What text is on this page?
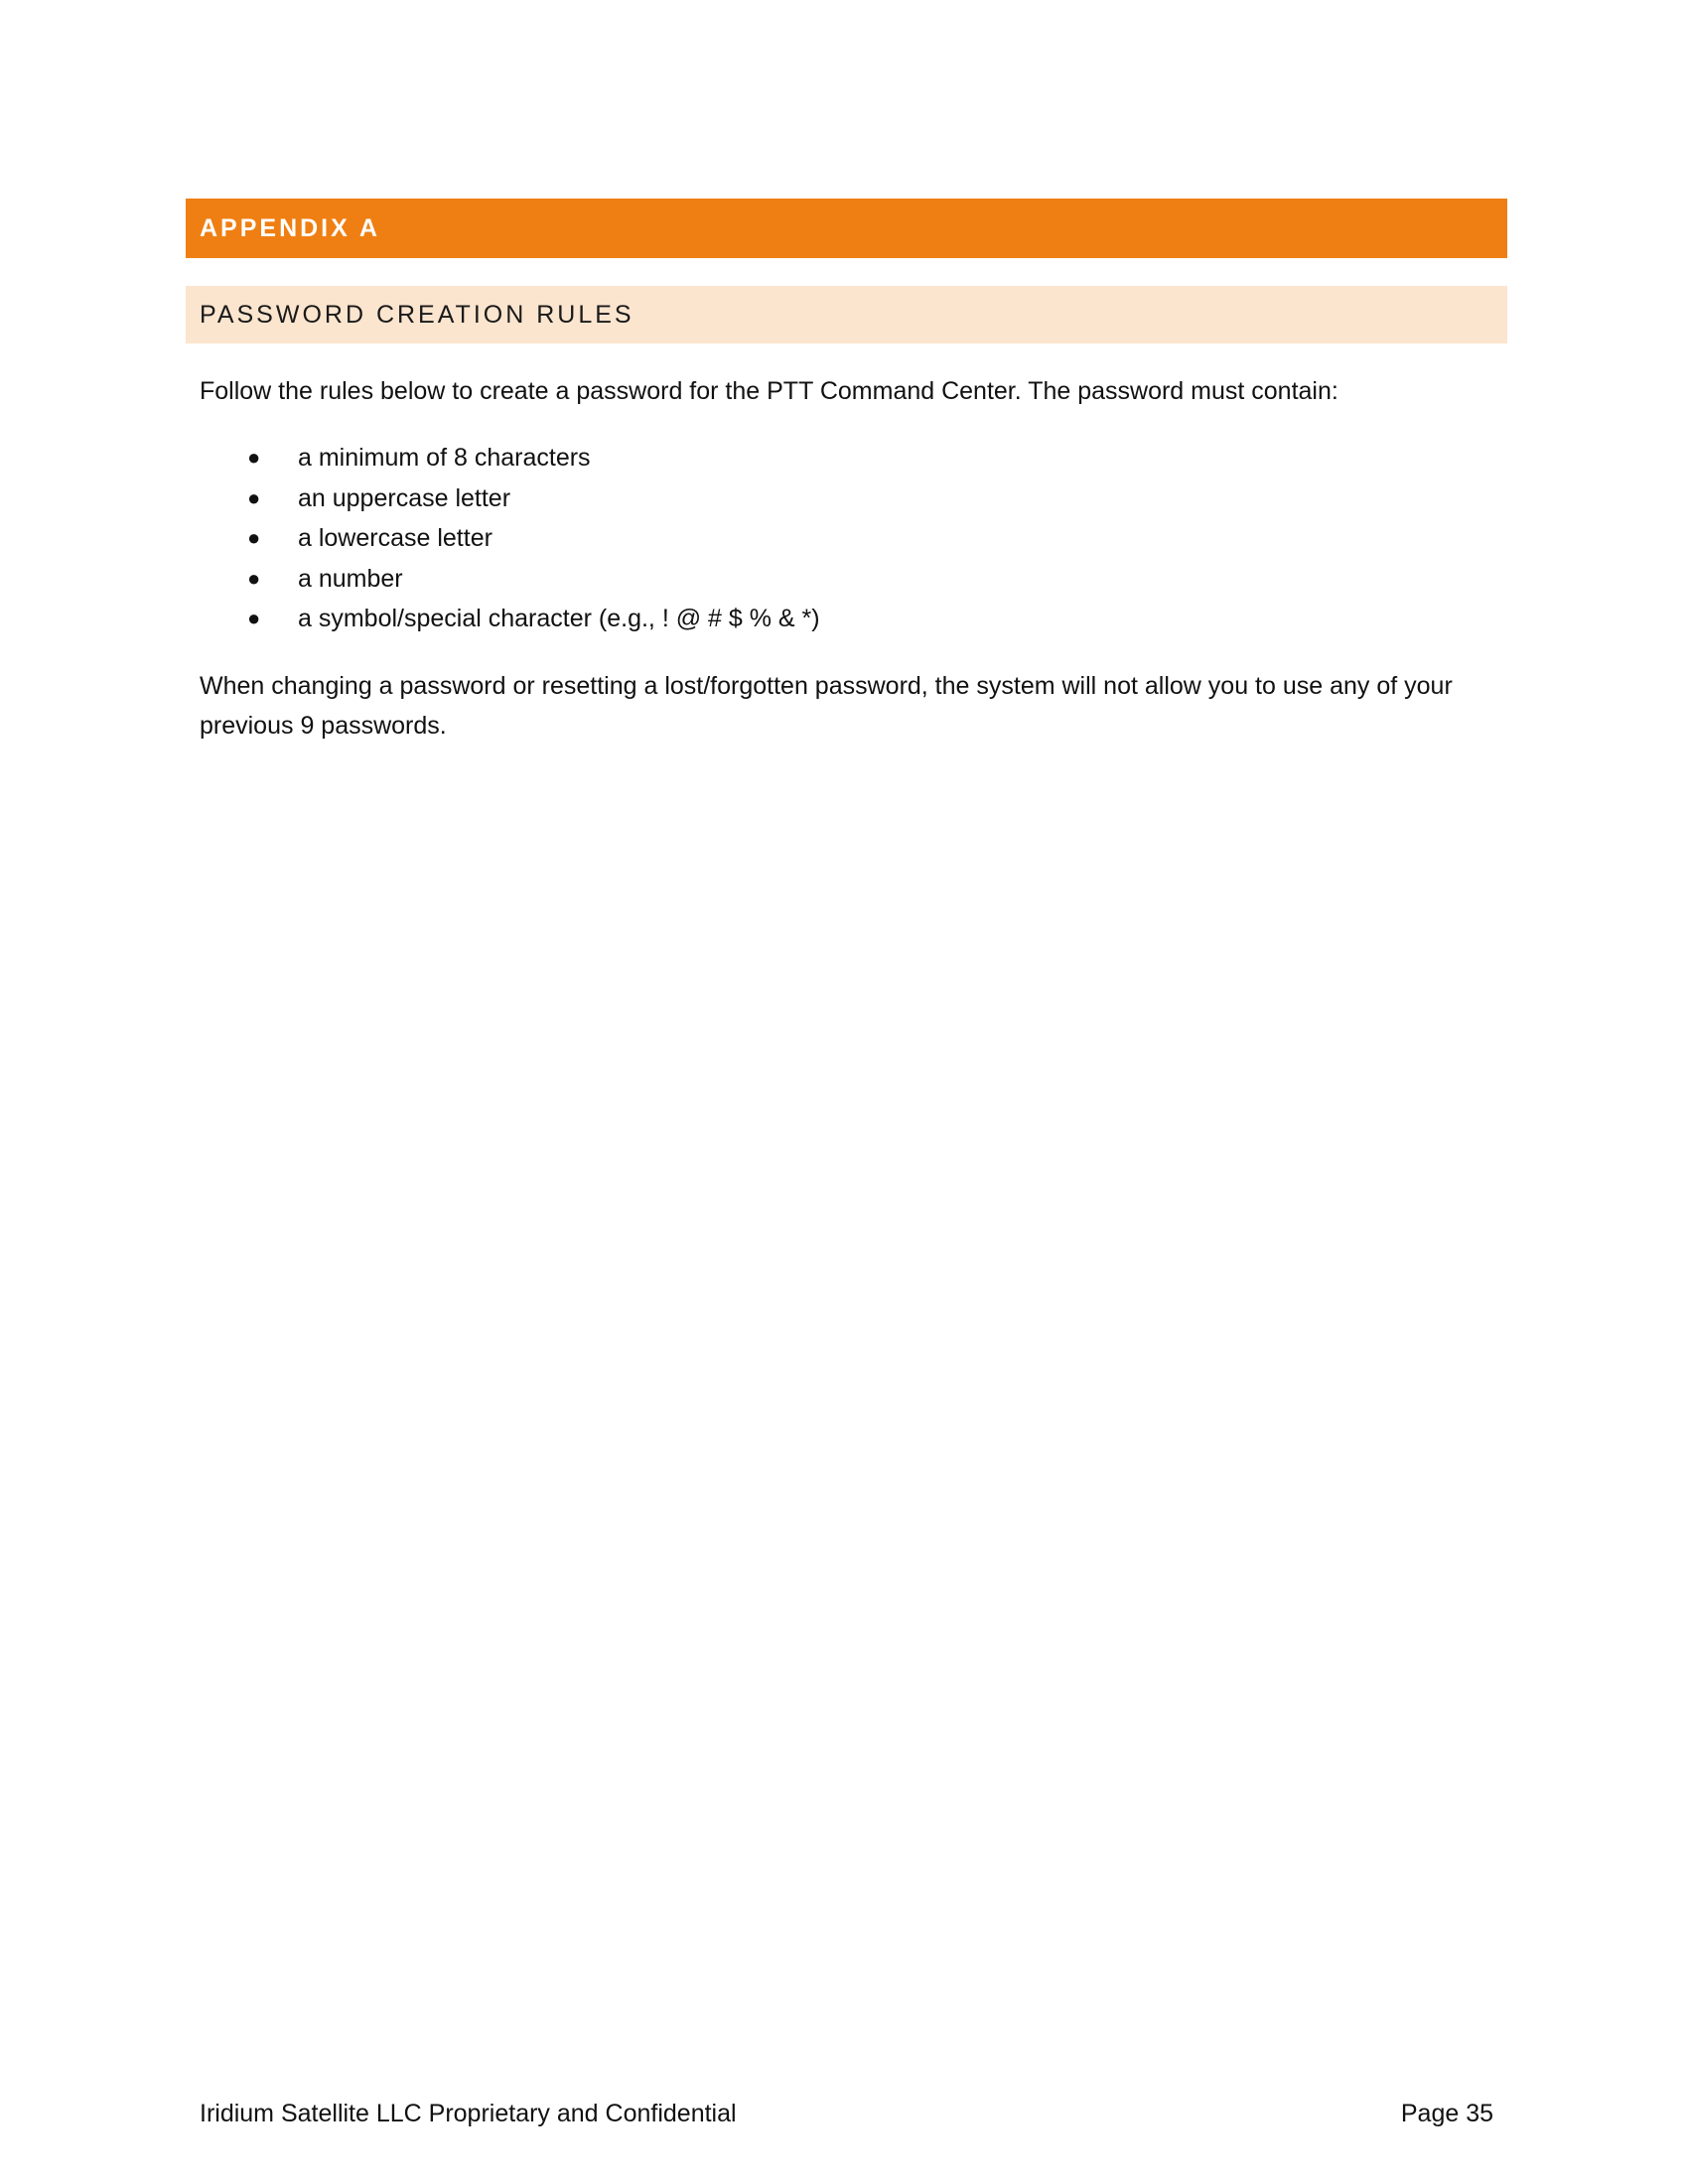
APPENDIX A
PASSWORD CREATION RULES
Follow the rules below to create a password for the PTT Command Center. The password must contain:
● a minimum of 8 characters
● an uppercase letter
● a lowercase letter
● a number
● a symbol/special character (e.g., ! @ # $ % & *)
When changing a password or resetting a lost/forgotten password, the system will not allow you to use any of your previous 9 passwords.
Iridium Satellite LLC Proprietary and Confidential	Page 35
